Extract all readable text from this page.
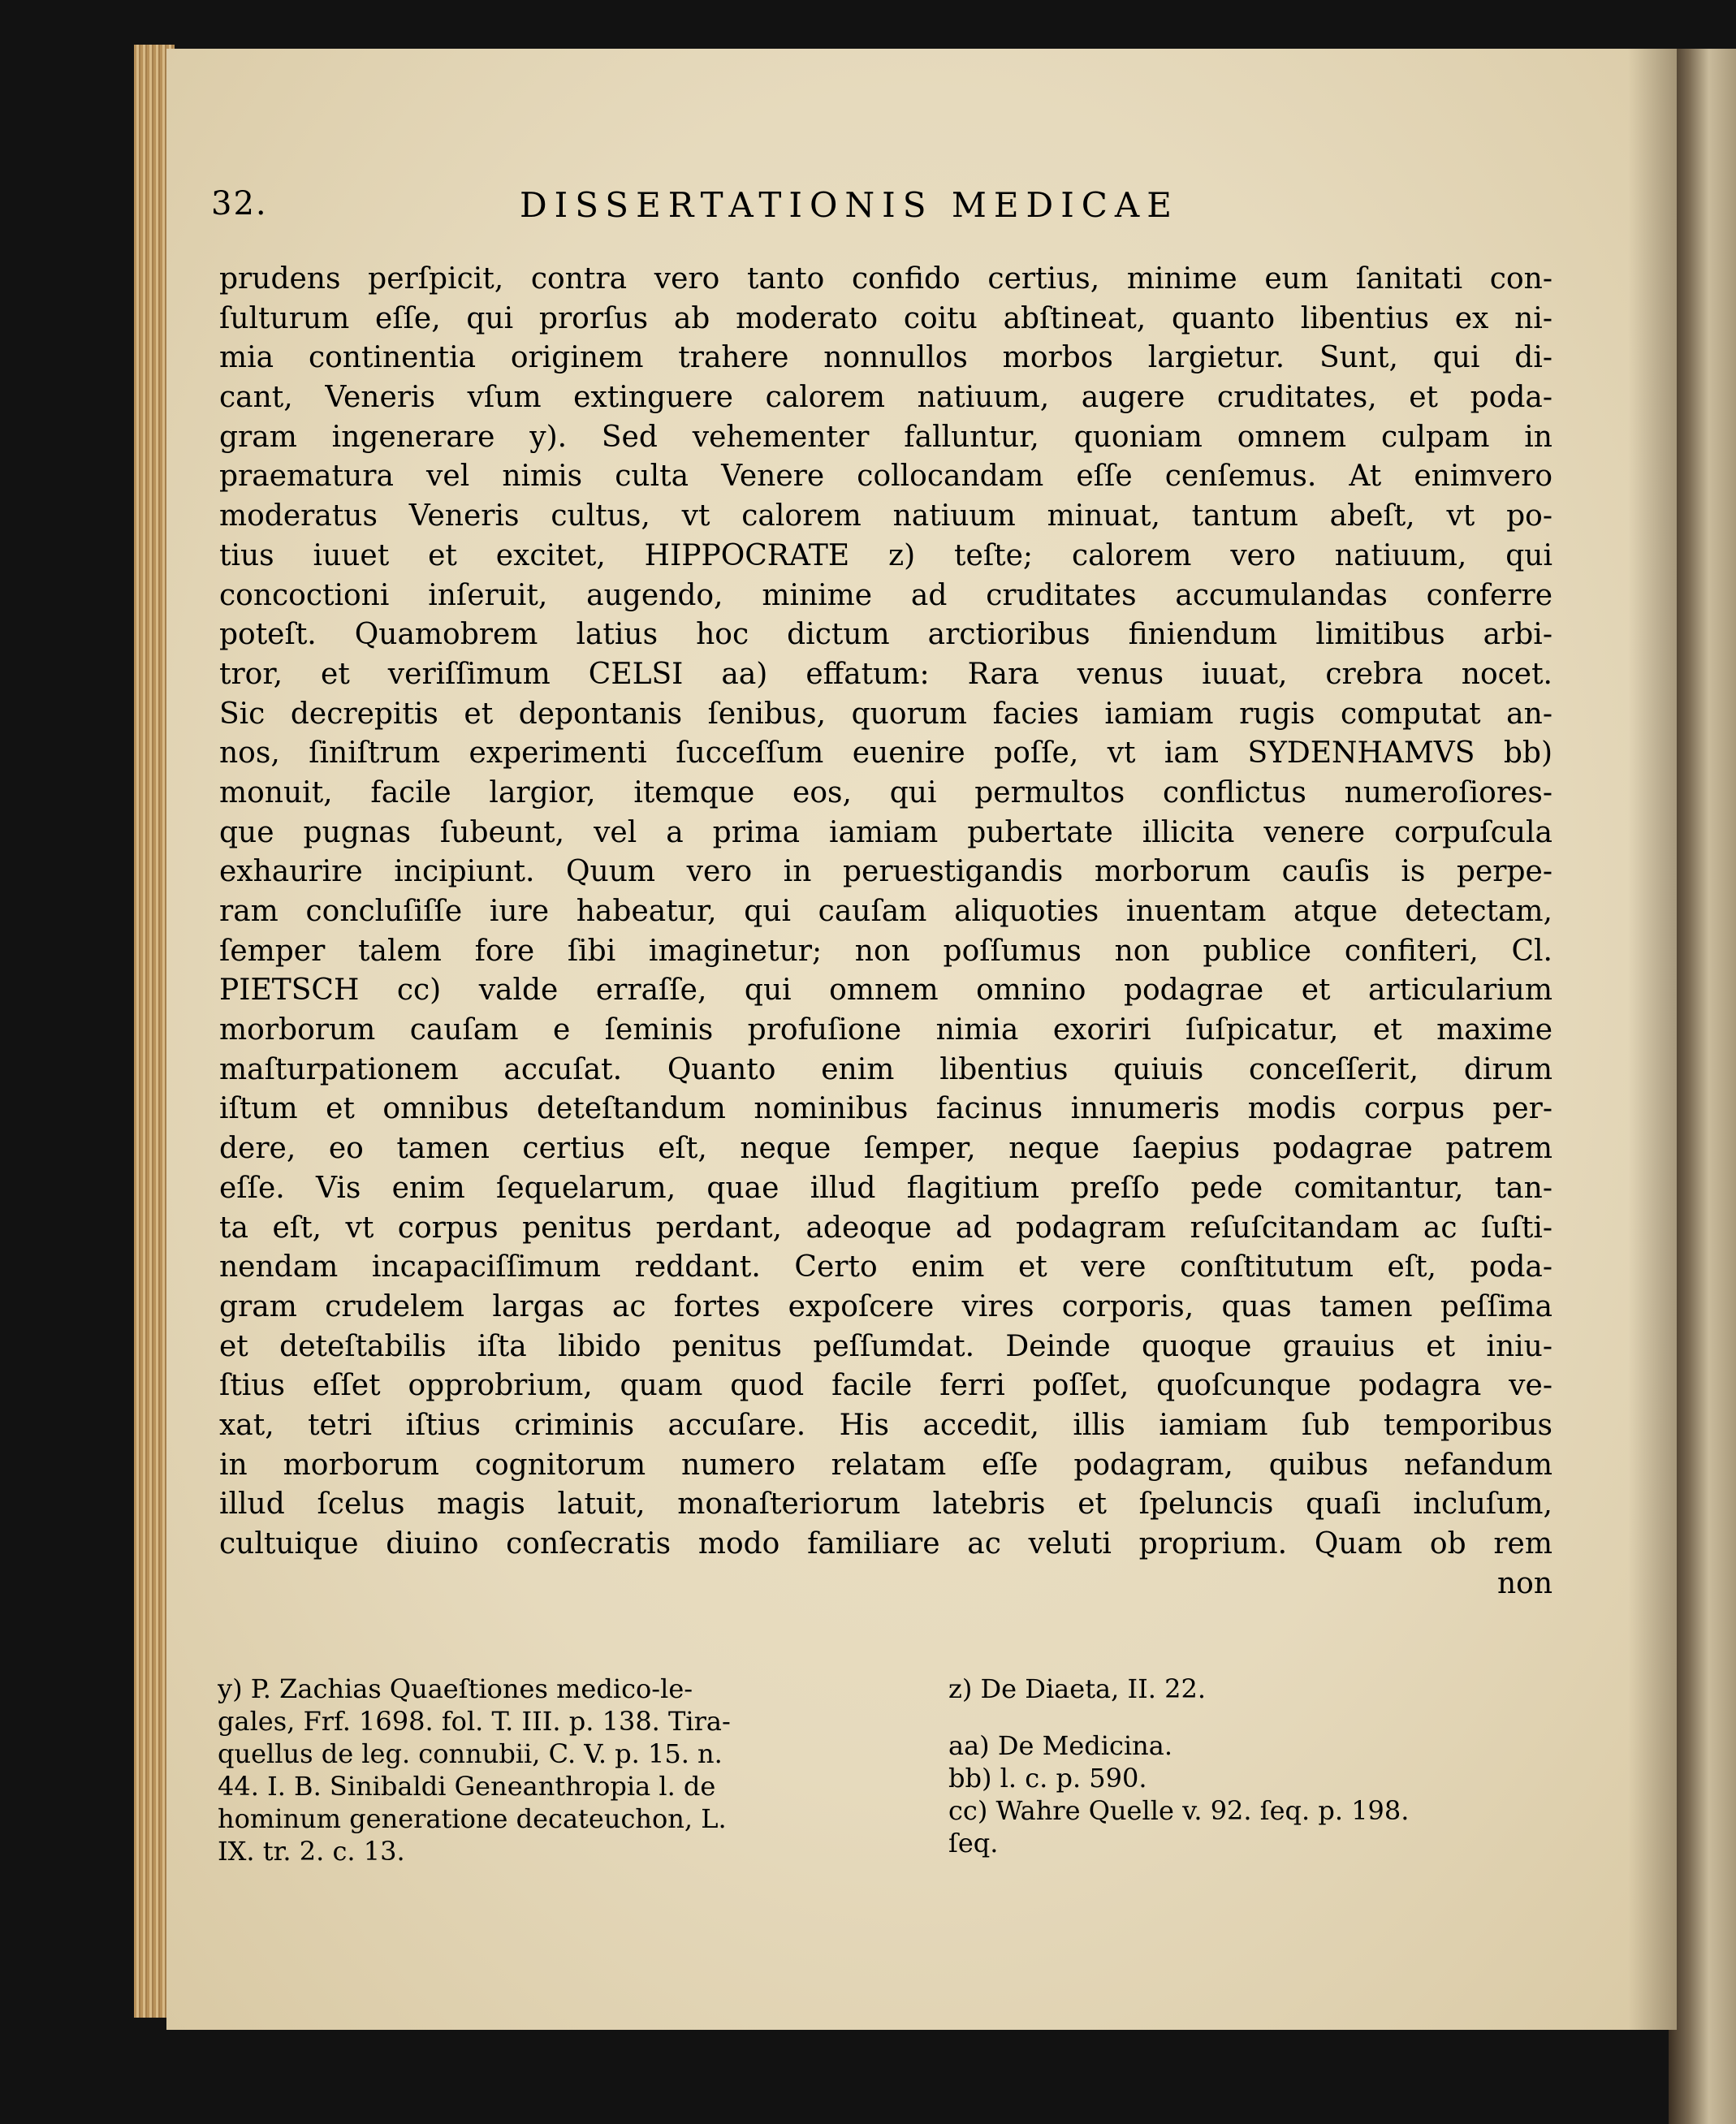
32.	DISSERTATIONIS MEDICAE
prudens perſpicit, contra vero tanto confido certius, minime eum ſanitati con-
ſulturum eſſe, qui prorſus ab moderato coitu abſtineat, quanto libentius ex ni-
mia continentia originem trahere nonnullos morbos largietur. Sunt, qui di-
cant, Veneris vſum extinguere calorem natiuum, augere cruditates, et poda-
gram ingenerare y). Sed vehementer falluntur, quoniam omnem culpam in
praematura vel nimis culta Venere collocandam eſſe cenſemus. At enimvero
moderatus Veneris cultus, vt calorem natiuum minuat, tantum abeſt, vt po-
tius iuuet et excitet, HIPPOCRATE z) teſte; calorem vero natiuum, qui
concoctioni inſeruit, augendo, minime ad cruditates accumulandas conferre
poteſt. Quamobrem latius hoc dictum arctioribus finiendum limitibus arbi-
tror, et veriſſimum CELSI aa) effatum: Rara venus iuuat, crebra nocet.
Sic decrepitis et depontanis ſenibus, quorum facies iamiam rugis computat an-
nos, ſiniſtrum experimenti ſucceſſum euenire poſſe, vt iam SYDENHAMVS bb)
monuit, facile largior, itemque eos, qui permultos conflictus numeroſiores-
que pugnas ſubeunt, vel a prima iamiam pubertate illicita venere corpuſcula
exhaurire incipiunt. Quum vero in peruestigandis morborum cauſis is perpe-
ram concluſiſſe iure habeatur, qui cauſam aliquoties inuentam atque detectam,
ſemper talem fore ſibi imaginetur; non poſſumus non publice confiteri, Cl.
PIETSCH cc) valde erraſſe, qui omnem omnino podagrae et articularium
morborum cauſam e ſeminis profuſione nimia exoriri ſuſpicatur, et maxime
maſturpationem accuſat. Quanto enim libentius quiuis conceſſerit, dirum
iſtum et omnibus deteſtandum nominibus facinus innumeris modis corpus per-
dere, eo tamen certius eſt, neque ſemper, neque ſaepius podagrae patrem
eſſe. Vis enim ſequelarum, quae illud flagitium preſſo pede comitantur, tan-
ta eſt, vt corpus penitus perdant, adeoque ad podagram reſuſcitandam ac ſuſti-
nendam incapaciſſimum reddant. Certo enim et vere conſtitutum eſt, poda-
gram crudelem largas ac fortes expoſcere vires corporis, quas tamen peſſima
et deteſtabilis iſta libido penitus peſſumdat. Deinde quoque grauius et iniu-
ſtius eſſet opprobrium, quam quod facile ferri poſſet, quoſcunque podagra ve-
xat, tetri iſtius criminis accuſare. His accedit, illis iamiam ſub temporibus
in morborum cognitorum numero relatam eſſe podagram, quibus nefandum
illud ſcelus magis latuit, monaſteriorum latebris et ſpeluncis quaſi incluſum,
cultuique diuino conſecratis modo familiare ac veluti proprium. Quam ob rem
non
y) P. Zachias Quaeſtiones medico-le-
gales, Frf. 1698. fol. T. III. p. 138. Tira-
quellus de leg. connubii, C. V. p. 15. n.
44. I. B. Sinibaldi Geneanthropia l. de
hominum generatione decateuchon, L.
IX. tr. 2. c. 13.
z) De Diaeta, II. 22.
aa) De Medicina.
bb) l. c. p. 590.
cc) Wahre Quelle v. 92. ſeq. p. 198.
ſeq.
